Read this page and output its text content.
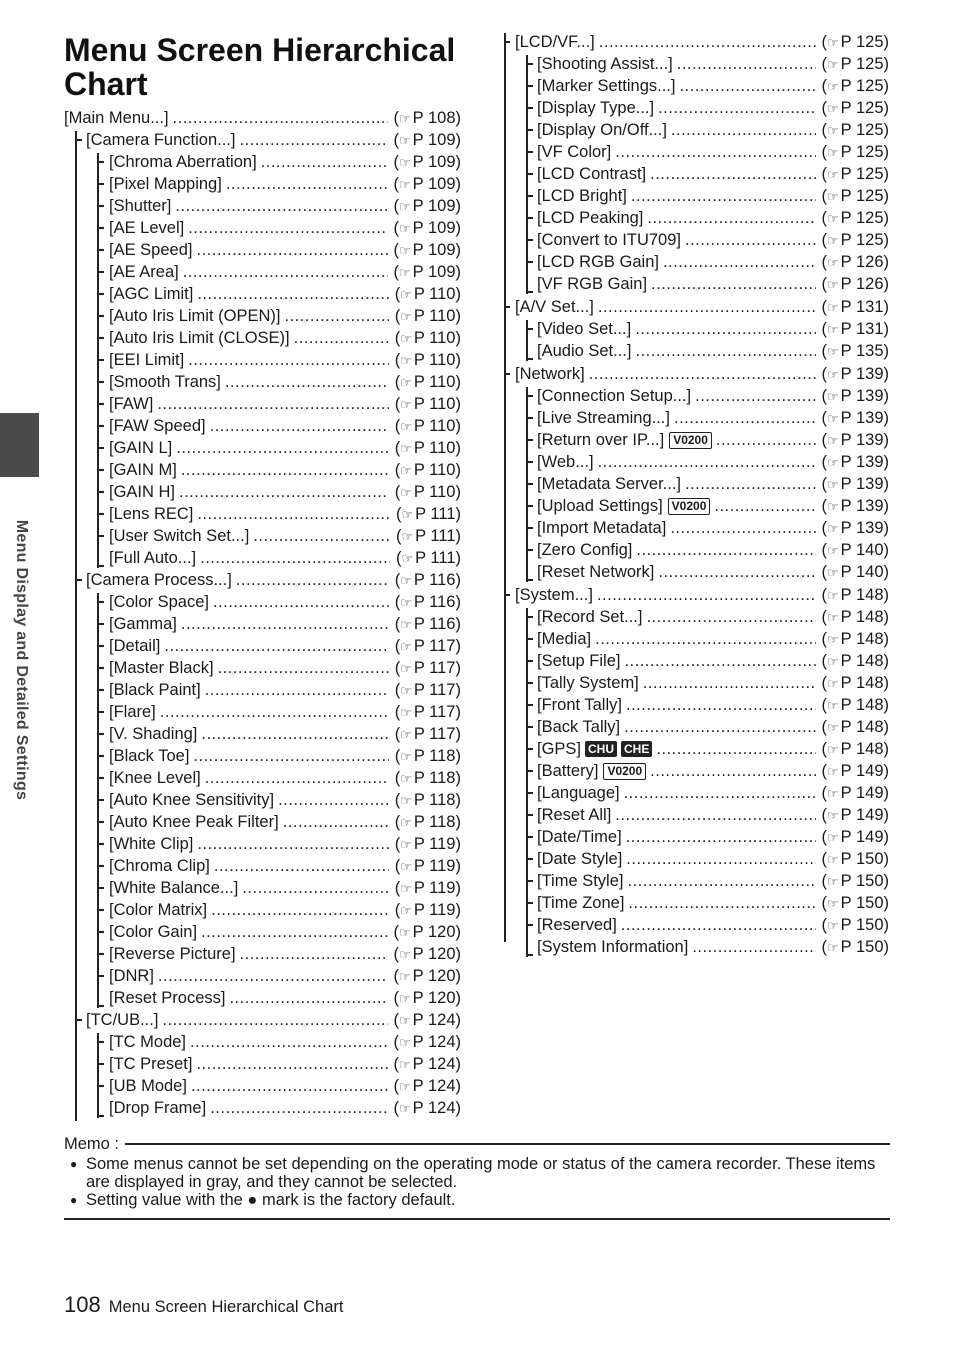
Menu Screen Hierarchical Chart
Menu Display and Detailed Settings
[Main Menu...] .....	(☞ P 108)
[Camera Function...] .....	(☞ P 109)
[Chroma Aberration] .....	(☞ P 109)
[Pixel Mapping] .....	(☞ P 109)
[Shutter] .....	(☞ P 109)
[AE Level] .....	(☞ P 109)
[AE Speed] .....	(☞ P 109)
[AE Area] .....	(☞ P 109)
[AGC Limit] .....	(☞ P 110)
[Auto Iris Limit (OPEN)] .....	(☞ P 110)
[Auto Iris Limit (CLOSE)] .....	(☞ P 110)
[EEI Limit] .....	(☞ P 110)
[Smooth Trans] .....	(☞ P 110)
[FAW] .....	(☞ P 110)
[FAW Speed] .....	(☞ P 110)
[GAIN L] .....	(☞ P 110)
[GAIN M] .....	(☞ P 110)
[GAIN H] .....	(☞ P 110)
[Lens REC] .....	(☞ P 111)
[User Switch Set...] .....	(☞ P 111)
[Full Auto...] .....	(☞ P 111)
[Camera Process...] .....	(☞ P 116)
[Color Space] .....	(☞ P 116)
[Gamma] .....	(☞ P 116)
[Detail] .....	(☞ P 117)
[Master Black] .....	(☞ P 117)
[Black Paint] .....	(☞ P 117)
[Flare] .....	(☞ P 117)
[V. Shading] .....	(☞ P 117)
[Black Toe] .....	(☞ P 118)
[Knee Level] .....	(☞ P 118)
[Auto Knee Sensitivity] .....	(☞ P 118)
[Auto Knee Peak Filter] .....	(☞ P 118)
[White Clip] .....	(☞ P 119)
[Chroma Clip] .....	(☞ P 119)
[White Balance...] .....	(☞ P 119)
[Color Matrix] .....	(☞ P 119)
[Color Gain] .....	(☞ P 120)
[Reverse Picture] .....	(☞ P 120)
[DNR] .....	(☞ P 120)
[Reset Process] .....	(☞ P 120)
[TC/UB...] .....	(☞ P 124)
[TC Mode] .....	(☞ P 124)
[TC Preset] .....	(☞ P 124)
[UB Mode] .....	(☞ P 124)
[Drop Frame] .....	(☞ P 124)
[LCD/VF...] .....	(☞ P 125)
[Shooting Assist...] .....	(☞ P 125)
[Marker Settings...] .....	(☞ P 125)
[Display Type...] .....	(☞ P 125)
[Display On/Off...] .....	(☞ P 125)
[VF Color] .....	(☞ P 125)
[LCD Contrast] .....	(☞ P 125)
[LCD Bright] .....	(☞ P 125)
[LCD Peaking] .....	(☞ P 125)
[Convert to ITU709] .....	(☞ P 125)
[LCD RGB Gain] .....	(☞ P 126)
[VF RGB Gain] .....	(☞ P 126)
[A/V Set...] .....	(☞ P 131)
[Video Set...] .....	(☞ P 131)
[Audio Set...] .....	(☞ P 135)
[Network] .....	(☞ P 139)
[Connection Setup...] .....	(☞ P 139)
[Live Streaming...] .....	(☞ P 139)
[Return over IP...] V0200 .....	(☞ P 139)
[Web...] .....	(☞ P 139)
[Metadata Server...] .....	(☞ P 139)
[Upload Settings] V0200 .....	(☞ P 139)
[Import Metadata] .....	(☞ P 139)
[Zero Config] .....	(☞ P 140)
[Reset Network] .....	(☞ P 140)
[System...] .....	(☞ P 148)
[Record Set...] .....	(☞ P 148)
[Media] .....	(☞ P 148)
[Setup File] .....	(☞ P 148)
[Tally System] .....	(☞ P 148)
[Front Tally] .....	(☞ P 148)
[Back Tally] .....	(☞ P 148)
[GPS] CHU CHE .....	(☞ P 148)
[Battery] V0200 .....	(☞ P 149)
[Language] .....	(☞ P 149)
[Reset All] .....	(☞ P 149)
[Date/Time] .....	(☞ P 149)
[Date Style] .....	(☞ P 150)
[Time Style] .....	(☞ P 150)
[Time Zone] .....	(☞ P 150)
[Reserved] .....	(☞ P 150)
[System Information] .....	(☞ P 150)
Memo :
● Some menus cannot be set depending on the operating mode or status of the camera recorder. These items are displayed in gray, and they cannot be selected.
● Setting value with the ● mark is the factory default.
108 Menu Screen Hierarchical Chart
